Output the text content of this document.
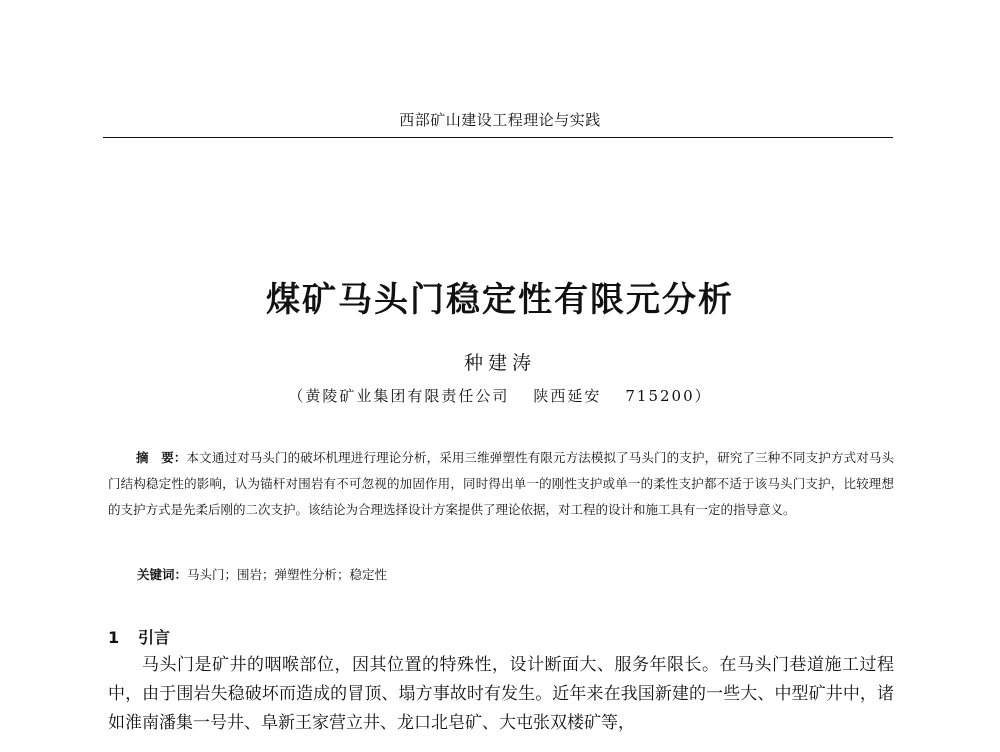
西部矿山建设工程理论与实践
煤矿马头门稳定性有限元分析
种建涛
（黄陵矿业集团有限责任公司 陕西延安 715200）

摘　要：本文通过对马头门的破坏机理进行理论分析，采用三维弹塑性有限元方法模拟了马头门的支护，研究了三种不同支护方式对马头门结构稳定性的影响，认为锚杆对围岩有不可忽视的加固作用，同时得出单一的刚性支护或单一的柔性支护都不适于该马头门支护，比较理想的支护方式是先柔后刚的二次支护。该结论为合理选择设计方案提供了理论依据，对工程的设计和施工具有一定的指导意义。

关键词：马头门；围岩；弹塑性分析；稳定性
1 引言

马头门是矿井的咽喉部位，因其位置的特殊性，设计断面大、服务年限长。在马头门巷道施工过程中，由于围岩失稳破坏而造成的冒顶、塌方事故时有发生。近年来在我国新建的一些大、中型矿井中，诸如淮南潘集一号井、阜新王家营立井、龙口北皂矿、大屯张双楼矿等，
